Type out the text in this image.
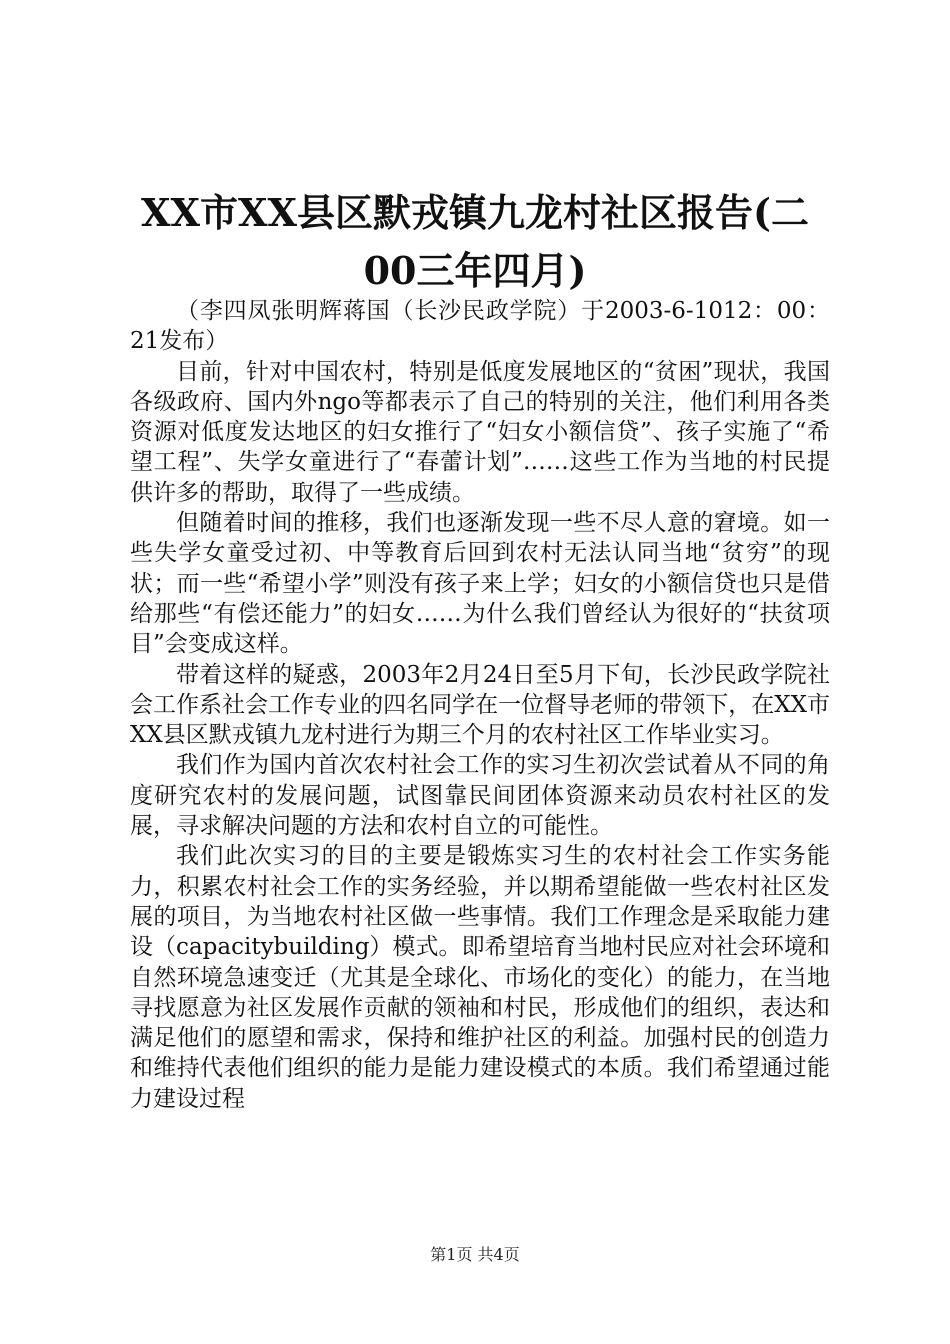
XX市XX县区默戎镇九龙村社区报告(二00三年四月)

（李四凤张明辉蒋国（长沙民政学院）于2003-6-1012：00：21发布）

目前，针对中国农村，特别是低度发展地区的“贫困”现状，我国各级政府、国内外ngo等都表示了自己的特别的关注，他们利用各类资源对低度发达地区的妇女推行了“妇女小额信贷”、孩子实施了“希望工程”、失学女童进行了“春蕾计划”……这些工作为当地的村民提供许多的帮助，取得了一些成绩。

但随着时间的推移，我们也逐渐发现一些不尽人意的窘境。如一些失学女童受过初、中等教育后回到农村无法认同当地“贫穷”的现状；而一些“希望小学”则没有孩子来上学；妇女的小额信贷也只是借给那些“有偿还能力”的妇女……为什么我们曾经认为很好的“扶贫项目”会变成这样。

带着这样的疑惑，2003年2月24日至5月下旬，长沙民政学院社会工作系社会工作专业的四名同学在一位督导老师的带领下，在XX市XX县区默戎镇九龙村进行为期三个月的农村社区工作毕业实习。

我们作为国内首次农村社会工作的实习生初次尝试着从不同的角度研究农村的发展问题，试图靠民间团体资源来动员农村社区的发展，寻求解决问题的方法和农村自立的可能性。

我们此次实习的目的主要是锻炼实习生的农村社会工作实务能力，积累农村社会工作的实务经验，并以期希望能做一些农村社区发展的项目，为当地农村社区做一些事情。我们工作理念是采取能力建设（capacitybuilding）模式。即希望培育当地村民应对社会环境和自然环境急速变迁（尤其是全球化、市场化的变化）的能力，在当地寻找愿意为社区发展作贡献的领袖和村民，形成他们的组织，表达和满足他们的愿望和需求，保持和维护社区的利益。加强村民的创造力和维持代表他们组织的能力是能力建设模式的本质。我们希望通过能力建设过程

第1页 共4页
